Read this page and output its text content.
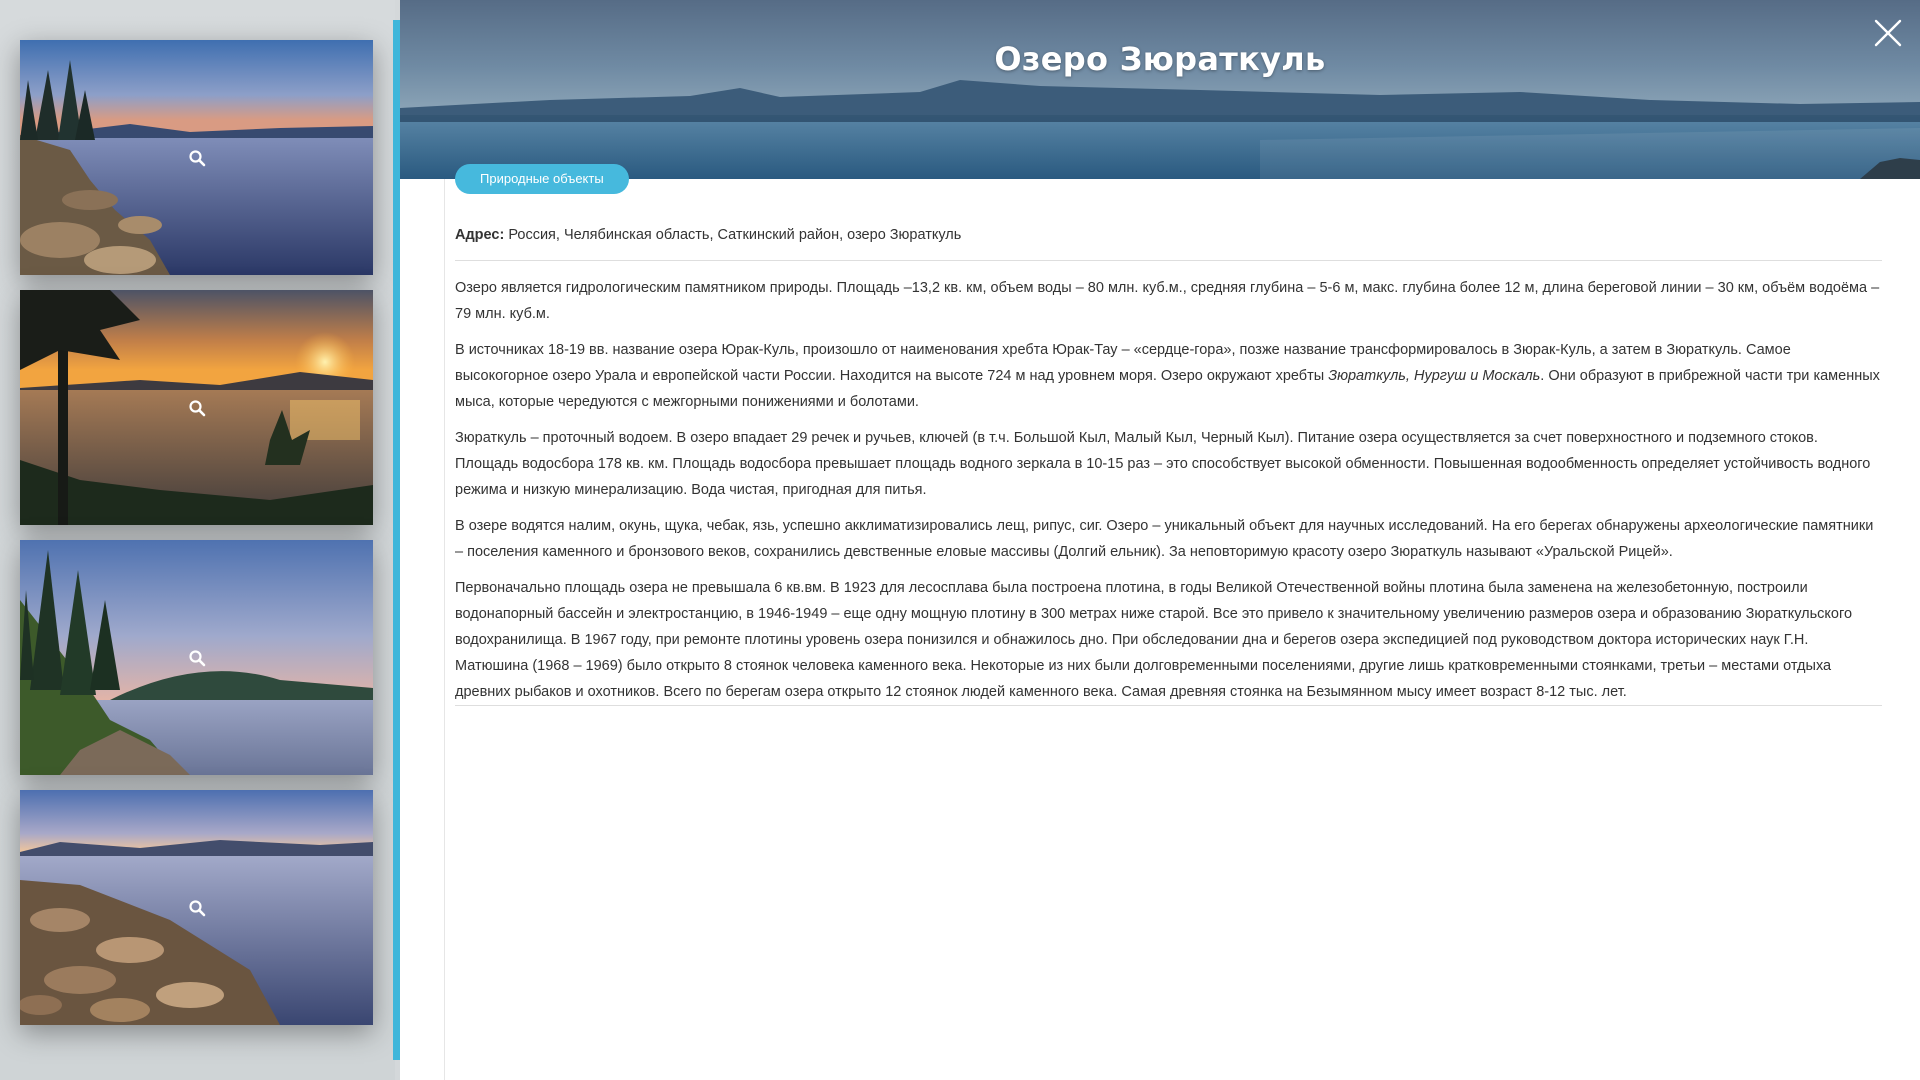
Озеро Зюраткуль
Природные объекты
Адрес: Россия, Челябинская область, Саткинский район, озеро Зюраткуль

Озеро является гидрологическим памятником природы. Площадь –13,2 кв. км, объем воды – 80 млн. куб.м., средняя глубина – 5-6 м, макс. глубина более 12 м, длина береговой линии – 30 км, объём водоёма – 79 млн. куб.м.

В источниках 18-19 вв. название озера Юрак-Куль, произошло от наименования хребта Юрак-Тау – «сердце-гора», позже название трансформировалось в Зюрак-Куль, а затем в Зюраткуль. Самое высокогорное озеро Урала и европейской части России. Находится на высоте 724 м над уровнем моря. Озеро окружают хребты Зюраткуль, Нургуш и Москаль. Они образуют в прибрежной части три каменных мыса, которые чередуются с межгорными понижениями и болотами.

Зюраткуль – проточный водоем. В озеро впадает 29 речек и ручьев, ключей (в т.ч. Большой Кыл, Малый Кыл, Черный Кыл). Питание озера осуществляется за счет поверхностного и подземного стоков. Площадь водосбора 178 кв. км. Площадь водосбора превышает площадь водного зеркала в 10-15 раз – это способствует высокой обменности. Повышенная водообменность определяет устойчивость водного режима и низкую минерализацию. Вода чистая, пригодная для питья.

В озере водятся налим, окунь, щука, чебак, язь, успешно акклиматизировались лещ, рипус, сиг. Озеро – уникальный объект для научных исследований. На его берегах обнаружены археологические памятники – поселения каменного и бронзового веков, сохранились девственные еловые массивы (Долгий ельник). За неповторимую красоту озеро Зюраткуль называют «Уральской Рицей».

Первоначально площадь озера не превышала 6 кв.вм. В 1923 для лесосплава была построена плотина, в годы Великой Отечественной войны плотина была заменена на железобетонную, построили водонапорный бассейн и электростанцию, в 1946-1949 – еще одну мощную плотину в 300 метрах ниже старой. Все это привело к значительному увеличению размеров озера и образованию Зюраткульского водохранилища. В 1967 году, при ремонте плотины уровень озера понизился и обнажилось дно. При обследовании дна и берегов озера экспедицией под руководством доктора исторических наук Г.Н. Матюшина (1968 – 1969) было открыто 8 стоянок человека каменного века. Некоторые из них были долговременными поселениями, другие лишь кратковременными стоянками, третьи – местами отдыха древних рыбаков и охотников. Всего по берегам озера открыто 12 стоянок людей каменного века. Самая древняя стоянка на Безымянном мысу имеет возраст 8-12 тыс. лет.
